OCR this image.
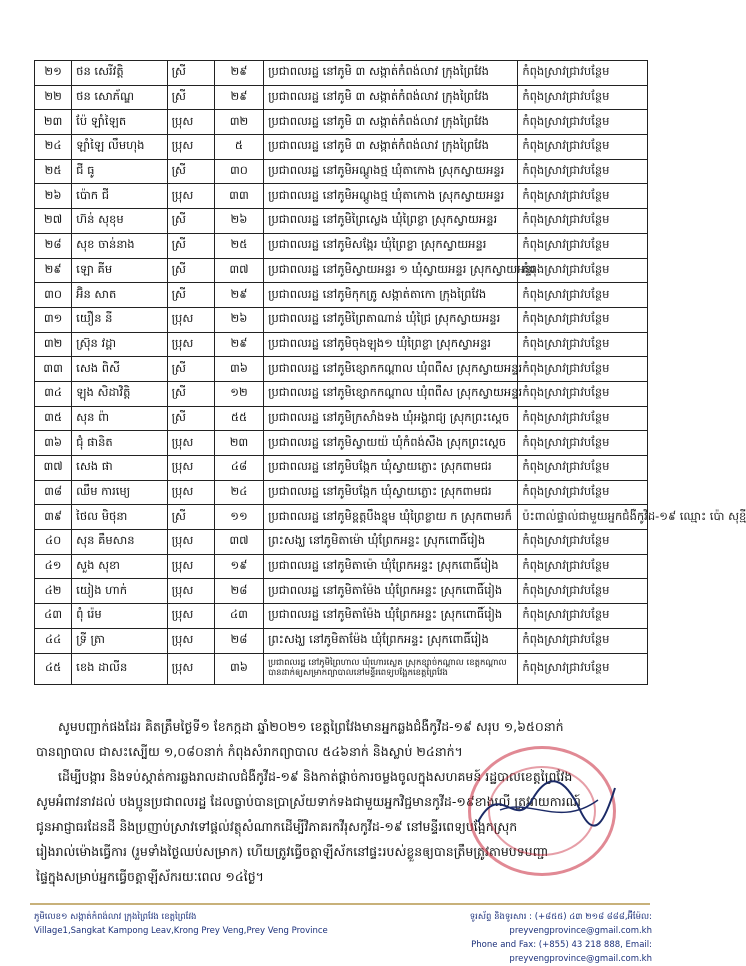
២១	ថន សេរីវត្តិ	ស្រី	២៩	ប្រជាពលរដ្ឋ នៅភូមិ ៣ សង្កាត់កំពង់លាវ ក្រុងព្រៃវែង	កំពុងស្រាវជ្រាវបន្ថែម
២២	ថន សោភ័ណ្ឌ	ស្រី	២៩	ប្រជាពលរដ្ឋ នៅភូមិ ៣ សង្កាត់កំពង់លាវ ក្រុងព្រៃវែង	កំពុងស្រាវជ្រាវបន្ថែម
២៣	ប៉ែ ឡាំឡៃត	ប្រុស	៣២	ប្រជាពលរដ្ឋ នៅភូមិ ៣ សង្កាត់កំពង់លាវ ក្រុងព្រៃវែង	កំពុងស្រាវជ្រាវបន្ថែម
២៤	ឡាំឡៃ លឹមហុង	ប្រុស	៥	ប្រជាពលរដ្ឋ នៅភូមិ ៣ សង្កាត់កំពង់លាវ ក្រុងព្រៃវែង	កំពុងស្រាវជ្រាវបន្ថែម
២៥	ជី ធូ	ស្រី	៣០	ប្រជាពលរដ្ឋ នៅភូមិអណ្តូងថ្ម ឃុំតាកោង ស្រុកស្វាយអន្ទរ	កំពុងស្រាវជ្រាវបន្ថែម
២៦	ប៉ោក ជី	ប្រុស	៣៣	ប្រជាពលរដ្ឋ នៅភូមិអណ្តូងថ្ម ឃុំតាកោង ស្រុកស្វាយអន្ទរ	កំពុងស្រាវជ្រាវបន្ថែម
២៧	ហ៊ន់ សុខុម	ស្រី	២៦	ប្រជាពលរដ្ឋ នៅភូមិព្រៃស្លេង ឃុំព្រៃខ្លា ស្រុកស្វាយអន្ទរ	កំពុងស្រាវជ្រាវបន្ថែម
២៨	សុខ ចាន់នាង	ស្រី	២៥	ប្រជាពលរដ្ឋ នៅភូមិសង្កែរ ឃុំព្រៃខ្លា ស្រុកស្វាយអន្ទរ	កំពុងស្រាវជ្រាវបន្ថែម
២៩	ឡោ គីម	ស្រី	៣៧	ប្រជាពលរដ្ឋ នៅភូមិស្វាយអន្ទរ ១ ឃុំស្វាយអន្ទរ ស្រុកស្វាយអន្ទរ	កំពុងស្រាវជ្រាវបន្ថែម
៣០	អ៊ិន សាត	ស្រី	២៩	ប្រជាពលរដ្ឋ នៅភូមិកុកត្រូ សង្កាត់តាកោ ក្រុងព្រៃវែង	កំពុងស្រាវជ្រាវបន្ថែម
៣១	យឿន នី	ប្រុស	២៦	ប្រជាពលរដ្ឋ នៅភូមិព្រៃតាណាន់ ឃុំជ្រៃ ស្រុកស្វាយអន្ទរ	កំពុងស្រាវជ្រាវបន្ថែម
៣២	ស្រ៊ុន វដ្ដា	ប្រុស	២៩	ប្រជាពលរដ្ឋ នៅភូមិចុងឡុង១ ឃុំព្រៃខ្លា ស្រុកស្វាអន្ទរ	កំពុងស្រាវជ្រាវបន្ថែម
៣៣	សេង ពិសី	ស្រី	៣៦	ប្រជាពលរដ្ឋ នៅភូមិខ្សោកកណ្តាល ឃុំពពឺស ស្រុកស្វាយអន្ទរ	កំពុងស្រាវជ្រាវបន្ថែម
៣៤	ឡុង សិដាវិត្តិ	ស្រី	១២	ប្រជាពលរដ្ឋ នៅភូមិខ្សោកកណ្តាល ឃុំពពឺស ស្រុកស្វាយអន្ទរ	កំពុងស្រាវជ្រាវបន្ថែម
៣៥	សុន ព៉ា	ស្រី	៥៥	ប្រជាពលរដ្ឋ នៅភូមិក្រសាំងទង ឃុំអង្គរាជ្យ ស្រុកព្រះស្ដេច	កំពុងស្រាវជ្រាវបន្ថែម
៣៦	ជុំ ផានិត	ប្រុស	២៣	ប្រជាពលរដ្ឋ នៅភូមិស្វាយយ៉ ឃុំកំពង់សឹង ស្រុកព្រះស្ដេច	កំពុងស្រាវជ្រាវបន្ថែម
៣៧	សេង ផា	ប្រុស	៤៨	ប្រជាពលរដ្ឋ នៅភូមិបង្កែក ឃុំស្វាយភ្លោះ ស្រុកពាមជរ	កំពុងស្រាវជ្រាវបន្ថែម
៣៨	ឈឹម ការម្យេ	ប្រុស	២៤	ប្រជាពលរដ្ឋ នៅភូមិបង្កែក ឃុំស្វាយភ្លោះ ស្រុកពាមជរ	កំពុងស្រាវជ្រាវបន្ថែម
៣៩	ថៃល មិថុនា	ស្រី	១១	ប្រជាពលរដ្ឋ នៅភូមិខ្ពត្តបឹងខ្នុម ឃុំព្រៃខ្លាយ ក ស្រុកពាមរក៏	ប៉ះពាល់ផ្ទាល់ជាមួយអ្នកជំងឺកូវីដ-១៩ ឈ្មោះ ប៉ោ សុខ្មី
៤០	សុន គឹមសាន	ប្រុស	៣៧	ព្រះសង្ឃ នៅភូមិតាម៉ោ ឃុំព្រែកអន្ទះ ស្រុកពោធិ៍រៀង	កំពុងស្រាវជ្រាវបន្ថែម
៤១	សួង សុខា	ប្រុស	១៩	ប្រជាពលរដ្ឋ នៅភូមិតាម៉ោ ឃុំព្រែកអន្ទះ ស្រុកពោធិ៍រៀង	កំពុងស្រាវជ្រាវបន្ថែម
៤២	យៀង ហាក់	ប្រុស	២៨	ប្រជាពលរដ្ឋ នៅភូមិតាម៉ែង ឃុំព្រែកអន្ទះ ស្រុកពោធិ៍រៀង	កំពុងស្រាវជ្រាវបន្ថែម
៤៣	ពុំ រ៉េម	ប្រុស	៤៣	ប្រជាពលរដ្ឋ នៅភូមិតាម៉ែង ឃុំព្រែកអន្ទះ ស្រុកពោធិ៍រៀង	កំពុងស្រាវជ្រាវបន្ថែម
៤៤	ទ្រី ត្រា	ប្រុស	២៨	ព្រះសង្ឃ នៅភូមិតាម៉ែង ឃុំព្រែកអន្ទះ ស្រុកពោធិ៍រៀង	កំពុងស្រាវជ្រាវបន្ថែម
៤៥	ខេង ដាលីន	ប្រុស	៣៦	ប្រជាពលរដ្ឋ នៅភូមិព្រៃហាល ឃុំហោរស្លេត ស្រុកខ្សាច់កណ្តាល ខេត្តកណ្តាល បានដាក់ឲ្យសម្រាកព្យាបាលនៅមន្ទីរពេទ្យបង្អែកខេត្តព្រៃវែង	កំពុងស្រាវជ្រាវបន្ថែម
សូមបញ្ជាក់ផងដែរ គិតត្រឹមថ្ងៃទី១ ខែកក្កដា ឆ្នាំ២០២១ ខេត្តព្រៃវែងមានអ្នកឆ្លងជំងឺកូវីដ-១៩ សរុប ១,៦៥០នាក់
បានព្យាបាល ជាសះស្បើយ ១,០៨០នាក់ កំពុងសំរាកព្យាបាល ៥៤៦នាក់ និងស្លាប់ ២៤នាក់។
ដើម្បីបង្ការ និងទប់ស្កាត់ការឆ្លងរាលដាលជំងឺកូវីដ-១៩ និងកាត់ផ្តាច់ការចម្លងចូលក្នុងសហគមន៍ រដ្ឋបាលខេត្តព្រៃវែង
សូមអំពាវនាវដល់ បងប្អូនប្រជាពលរដ្ឋ ដែលធ្លាប់បានប្រាស្រ័យទាក់ទងជាមួយអ្នកវិជ្ជមានកូវីដ-១៩ខាងលើ ត្រូវរាយការណ៍
ជូនអាជ្ញាធរដែនដី និងប្រញាប់ស្រាវទៅផ្តល់វត្ថុសំណាកដើម្បីវិភាគរកវីរុសកូវីដ-១៩ នៅមន្ទីរពេទ្យបង្អែកស្រុក
រៀងរាល់ម៉ោងធ្វើការ (រួមទាំងថ្ងៃឈប់សម្រាក) ហើយត្រូវធ្វើចត្តាឡីស័កនៅផ្ទះរបស់ខ្លួនឲ្យបានត្រឹមត្រូវតាមបទបញ្ជា
ផ្ទៃក្នុងសម្រាប់អ្នកធ្វើចត្តាឡីស័ករយៈពេល ១៤ថ្ងៃ។
ភូមិលេខ១ សង្កាត់កំពង់លាវ ក្រុងព្រៃវែង ខេត្តព្រៃវែង
Village1,Sangkat Kampong Leav,Krong Prey Veng,Prey Veng Province
ទូរស័ព្ទ និងទូរសារ : (+៨៥៥) ៤៣ ២១៨ ៨៨៨,អ៊ីម៉ែល: preyvengprovince@gmail.com.kh
Phone and Fax: (+855) 43 218 888, Email: preyvengprovince@gmail.com.kh
